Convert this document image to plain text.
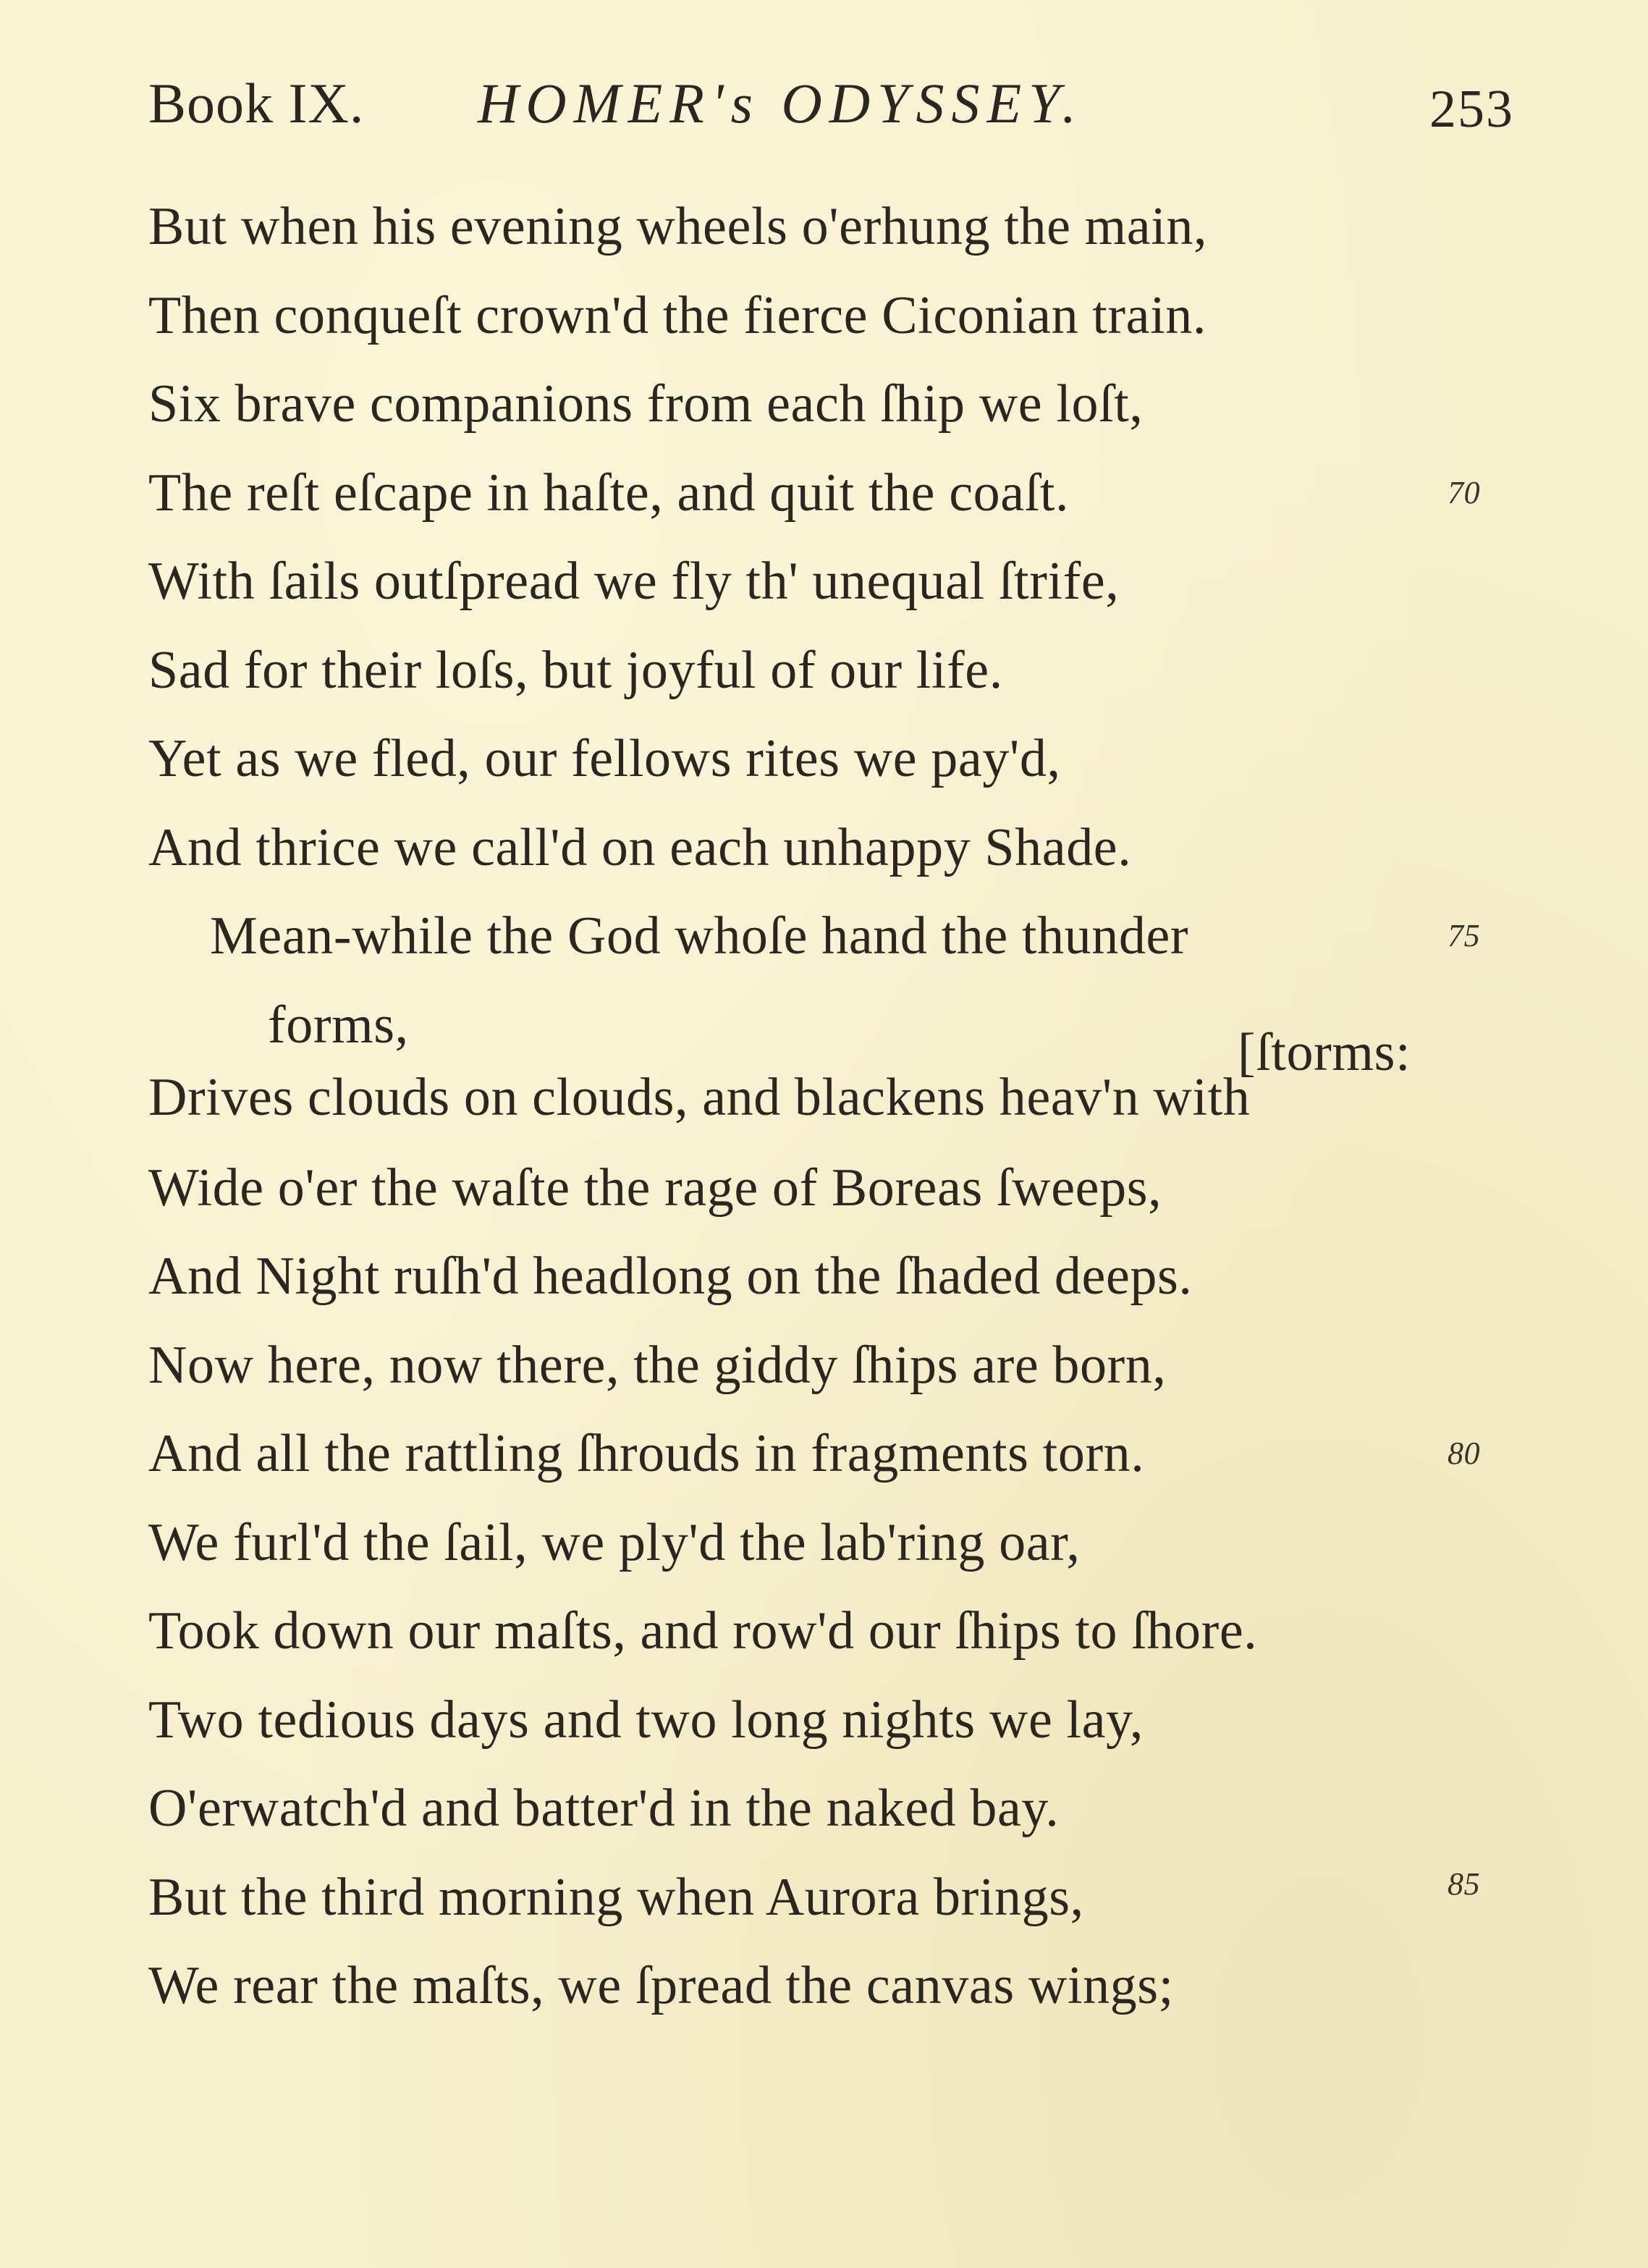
Book IX. HOMER's ODYSSEY.	253
But when his evening wheels o'erhung the main,
Then conqueſt crown'd the fierce Ciconian train.
Six brave companions from each ſhip we loſt,
The reſt eſcape in haſte, and quit the coaſt.	70
With ſails outſpread we fly th' unequal ſtrife,
Sad for their loſs, but joyful of our life.
Yet as we fled, our fellows rites we pay'd,
And thrice we call'd on each unhappy Shade.
Mean-while the God whoſe hand the thunder	75
forms,	[ſtorms:
Drives clouds on clouds, and blackens heav'n with
Wide o'er the waſte the rage of Boreas ſweeps,
And Night ruſh'd headlong on the ſhaded deeps.
Now here, now there, the giddy ſhips are born,
And all the rattling ſhrouds in fragments torn.	80
We furl'd the ſail, we ply'd the lab'ring oar,
Took down our maſts, and row'd our ſhips to ſhore.
Two tedious days and two long nights we lay,
O'erwatch'd and batter'd in the naked bay.
But the third morning when Aurora brings,	85
We rear the maſts, we ſpread the canvas wings;
